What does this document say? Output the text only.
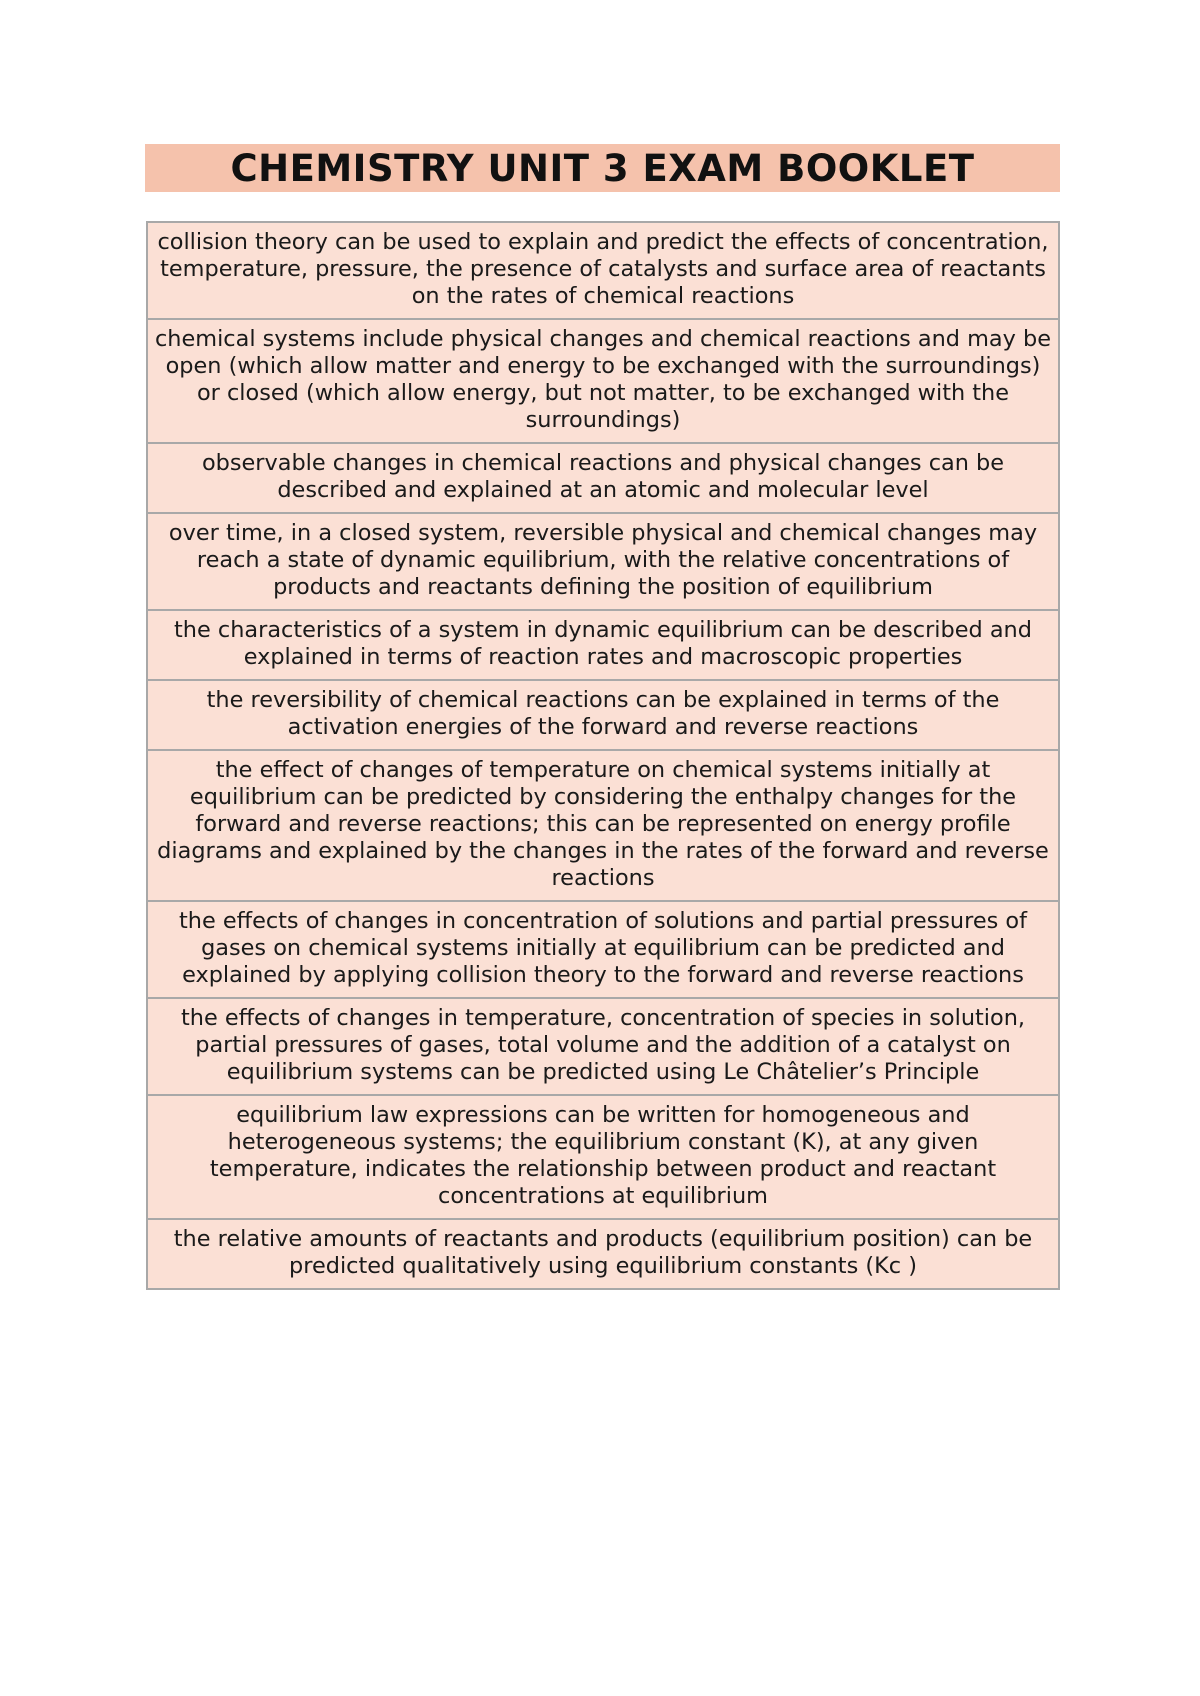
CHEMISTRY UNIT 3 EXAM BOOKLET
collision theory can be used to explain and predict the effects of concentration, temperature, pressure, the presence of catalysts and surface area of reactants on the rates of chemical reactions
chemical systems include physical changes and chemical reactions and may be open (which allow matter and energy to be exchanged with the surroundings) or closed (which allow energy, but not matter, to be exchanged with the surroundings)
observable changes in chemical reactions and physical changes can be described and explained at an atomic and molecular level
over time, in a closed system, reversible physical and chemical changes may reach a state of dynamic equilibrium, with the relative concentrations of products and reactants defining the position of equilibrium
the characteristics of a system in dynamic equilibrium can be described and explained in terms of reaction rates and macroscopic properties
the reversibility of chemical reactions can be explained in terms of the activation energies of the forward and reverse reactions
the effect of changes of temperature on chemical systems initially at equilibrium can be predicted by considering the enthalpy changes for the forward and reverse reactions; this can be represented on energy profile diagrams and explained by the changes in the rates of the forward and reverse reactions
the effects of changes in concentration of solutions and partial pressures of gases on chemical systems initially at equilibrium can be predicted and explained by applying collision theory to the forward and reverse reactions
the effects of changes in temperature, concentration of species in solution, partial pressures of gases, total volume and the addition of a catalyst on equilibrium systems can be predicted using Le Châtelier’s Principle
equilibrium law expressions can be written for homogeneous and heterogeneous systems; the equilibrium constant (K), at any given temperature, indicates the relationship between product and reactant concentrations at equilibrium
the relative amounts of reactants and products (equilibrium position) can be predicted qualitatively using equilibrium constants (Kc )
